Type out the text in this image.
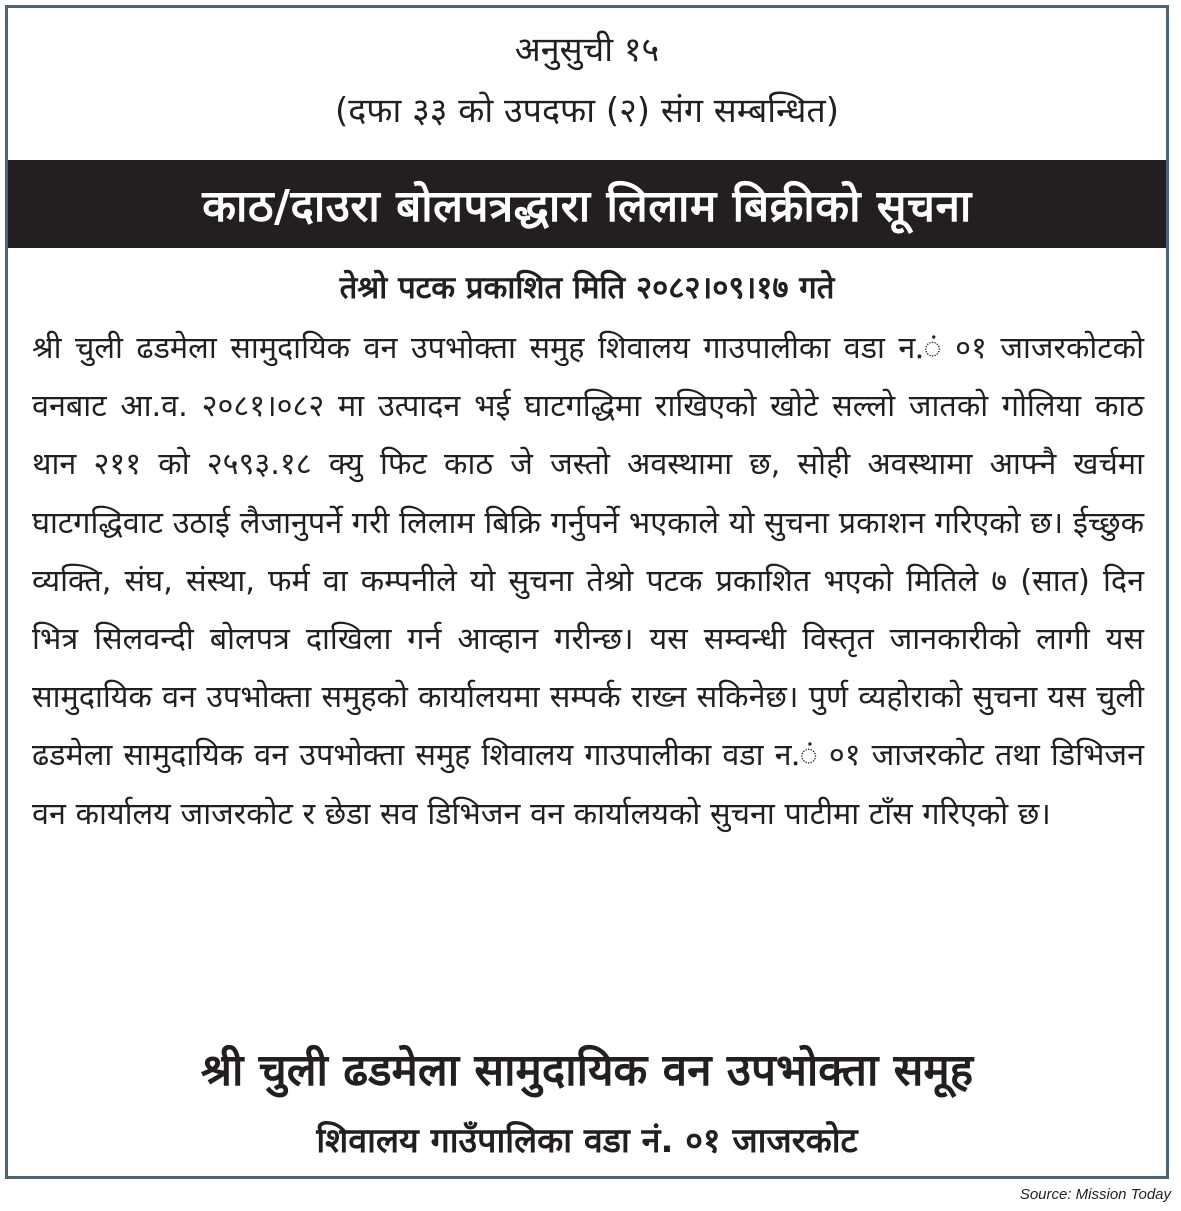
अनुसुची १५
(दफा ३३ को उपदफा (२) संग सम्बन्धित)
काठ/दाउरा बोलपत्रद्धारा लिलाम बिक्रीको सूचना
तेश्रो पटक प्रकाशित मिति २०८२।०९।१७ गते
श्री चुली ढडमेला सामुदायिक वन उपभोक्ता समुह शिवालय गाउपालीका वडा न.ं ०१ जाजरकोटको वनबाट आ.व. २०८१।०८२ मा उत्पादन भई घाटगद्धिमा राखिएको खोटे सल्लो जातको गोलिया काठ थान २११ को २५९३.१८ क्यु फिट काठ जे जस्तो अवस्थामा छ, सोही अवस्थामा आफ्नै खर्चमा घाटगद्धिवाट उठाई लैजानुपर्ने गरी लिलाम बिक्रि गर्नुपर्ने भएकाले यो सुचना प्रकाशन गरिएको छ। ईच्छुक व्यक्ति, संघ, संस्था, फर्म वा कम्पनीले यो सुचना तेश्रो पटक प्रकाशित भएको मितिले ७ (सात) दिन भित्र सिलवन्दी बोलपत्र दाखिला गर्न आव्हान गरीन्छ। यस सम्वन्धी विस्तृत जानकारीको लागी यस सामुदायिक वन उपभोक्ता समुहको कार्यालयमा सम्पर्क राख्न सकिनेछ। पुर्ण व्यहोराको सुचना यस चुली ढडमेला सामुदायिक वन उपभोक्ता समुह शिवालय गाउपालीका वडा न.ं ०१ जाजरकोट तथा डिभिजन वन कार्यालय जाजरकोट र छेडा सव डिभिजन वन कार्यालयको सुचना पाटीमा टाँस गरिएको छ।
श्री चुली ढडमेला सामुदायिक वन उपभोक्ता समूह
शिवालय गाउँपालिका वडा नं. ०१ जाजरकोट
Source: Mission Today
